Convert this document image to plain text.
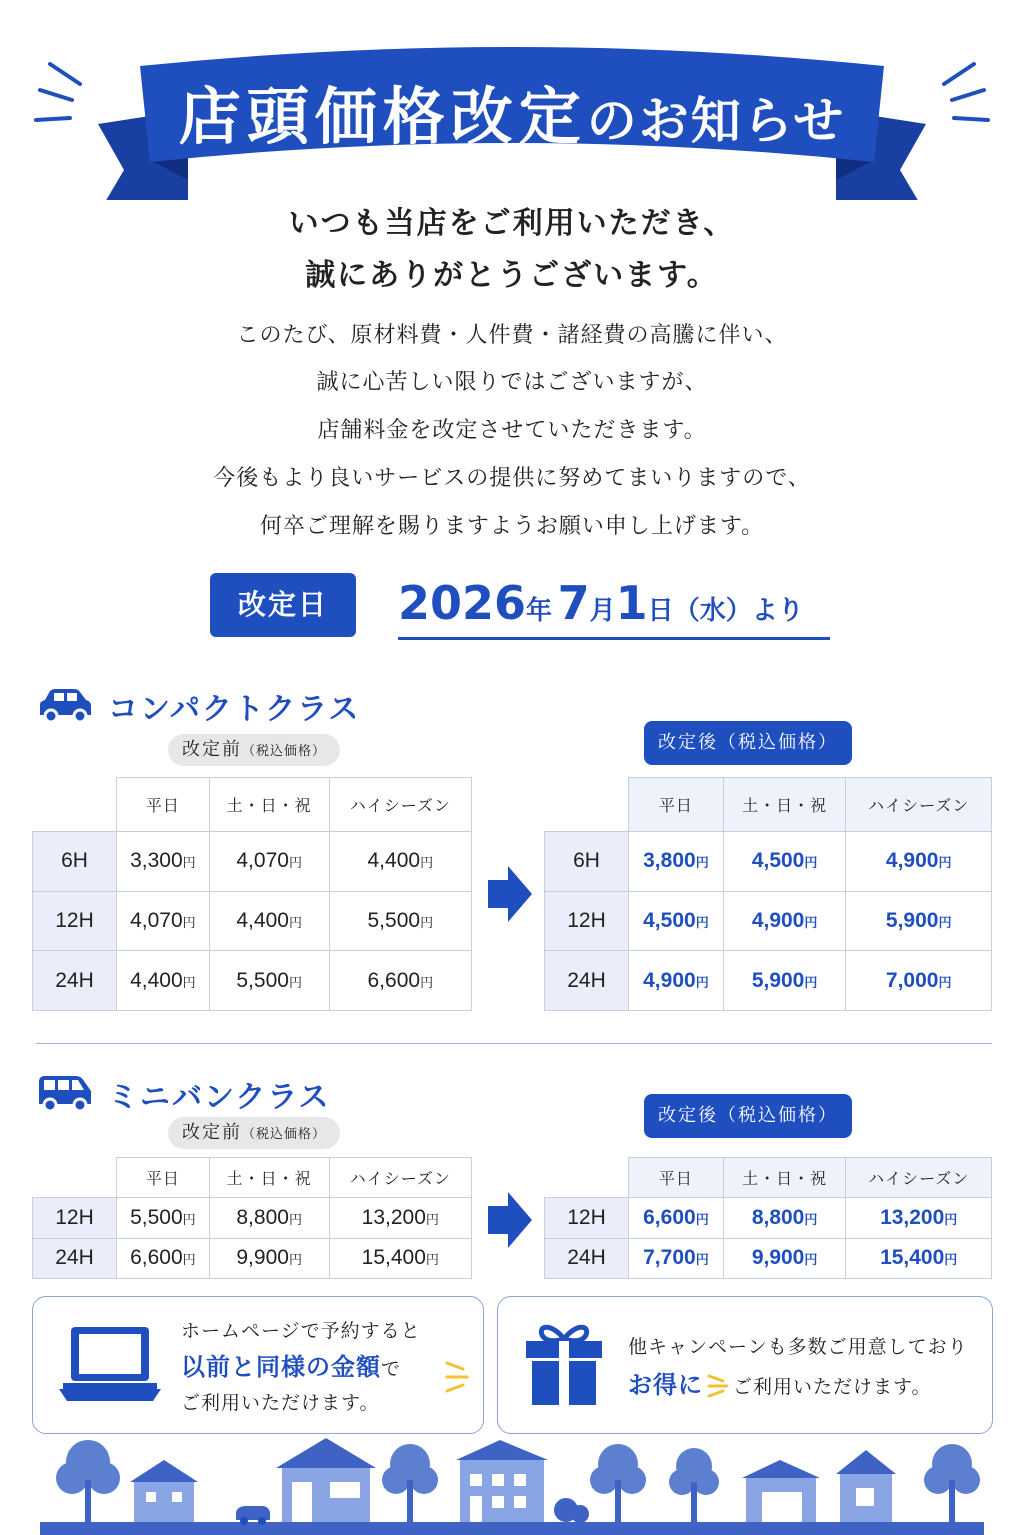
店頭価格改定のお知らせ
いつも当店をご利用いただき、
誠にありがとうございます。
このたび、原材料費・人件費・諸経費の高騰に伴い、
誠に心苦しい限りではございますが、
店舗料金を改定させていただきます。
今後もより良いサービスの提供に努めてまいりますので、
何卒ご理解を賜りますようお願い申し上げます。
改定日	2026年 7月1日（水）より
コンパクトクラス
改定前（税込価格）	改定後（税込価格）
	平日	土・日・祝	ハイシーズン
6H	3,300円	4,070円	4,400円
12H	4,070円	4,400円	5,500円
24H	4,400円	5,500円	6,600円
	平日	土・日・祝	ハイシーズン
6H	3,800円	4,500円	4,900円
12H	4,500円	4,900円	5,900円
24H	4,900円	5,900円	7,000円
ミニバンクラス
改定前（税込価格）
改定後（税込価格）
	平日	土・日・祝	ハイシーズン
12H	5,500円	8,800円	13,200円
24H	6,600円	9,900円	15,400円
	平日	土・日・祝	ハイシーズン
12H	6,600円	8,800円	13,200円
24H	7,700円	9,900円	15,400円
ホームページで予約すると
以前と同様の金額で
ご利用いただけます。
他キャンペーンも多数ご用意しており
お得に ご利用いただけます。
